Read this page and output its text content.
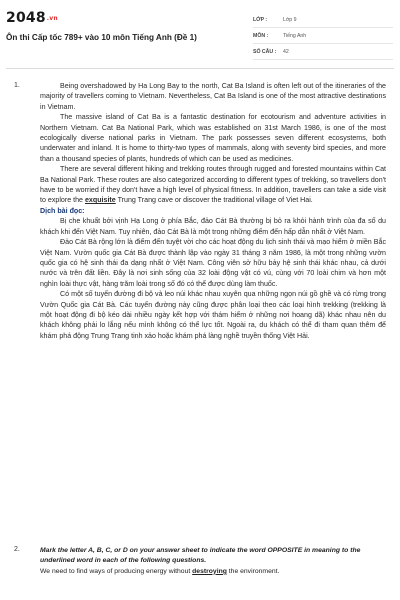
2048.vn
Ôn thi Cấp tốc 789+ vào 10 môn Tiếng Anh (Đề 1)
LỚP :	Lớp 9
MÔN :	Tiếng Anh
SỐ CÂU :	42
1.	Being overshadowed by Ha Long Bay to the north, Cat Ba Island is often left out of the itineraries of the majority of travellers coming to Vietnam. Nevertheless, Cat Ba Island is one of the most attractive destinations in Vietnam.

The massive island of Cat Ba is a fantastic destination for ecotourism and adventure activities in Northern Vietnam. Cat Ba National Park, which was established on 31st March 1986, is one of the most ecologically diverse national parks in Vietnam. The park possesses seven different ecosystems, both underwater and inland. It is home to thirty-two types of mammals, along with seventy bird species, and more than a thousand species of plants, hundreds of which can be used as medicines.

There are several different hiking and trekking routes through rugged and forested mountains within Cat Ba National Park. These routes are also categorized according to different types of trekking, so travellers don't have to be worried if they don't have a high level of physical fitness. In addition, travellers can take a side visit to explore the exquisite Trung Trang cave or discover the traditional village of Viet Hai.

Dịch bài đọc:

Bị che khuất bởi vịnh Hạ Long ở phía Bắc, đảo Cát Bà thường bị bỏ ra khỏi hành trình của đa số du khách khi đến Việt Nam. Tuy nhiên, đảo Cát Bà là một trong những điểm đến hấp dẫn nhất ở Việt Nam.

Đảo Cát Bà rộng lớn là điểm đến tuyệt vời cho các hoạt động du lịch sinh thái và mạo hiểm ở miền Bắc Việt Nam. Vườn quốc gia Cát Bà được thành lập vào ngày 31 tháng 3 năm 1986, là một trong những vườn quốc gia có hệ sinh thái đa dạng nhất ở Việt Nam. Công viên sở hữu bảy hệ sinh thái khác nhau, cả dưới nước và trên đất liền. Đây là nơi sinh sống của 32 loài động vật có vú, cùng với 70 loài chim và hơn một nghìn loài thực vật, hàng trăm loài trong số đó có thể được dùng làm thuốc.

Có một số tuyến đường đi bộ và leo núi khác nhau xuyên qua những ngọn núi gồ ghề và có rừng trong Vườn Quốc gia Cát Bà. Các tuyến đường này cũng được phân loại theo các loại hình trekking (trekking là một hoạt động đi bộ kéo dài nhiều ngày kết hợp với thám hiểm ở những nơi hoang dã) khác nhau nên du khách không phải lo lắng nếu mình không có thể lực tốt. Ngoài ra, du khách có thể đi tham quan thêm để khám phá động Trung Trang tinh xảo hoặc khám phá làng nghề truyền thống Việt Hải.

2.	Mark the letter A, B, C, or D on your answer sheet to indicate the word OPPOSITE in meaning to the underlined word in each of the following questions.
We need to find ways of producing energy without destroying the environment.
